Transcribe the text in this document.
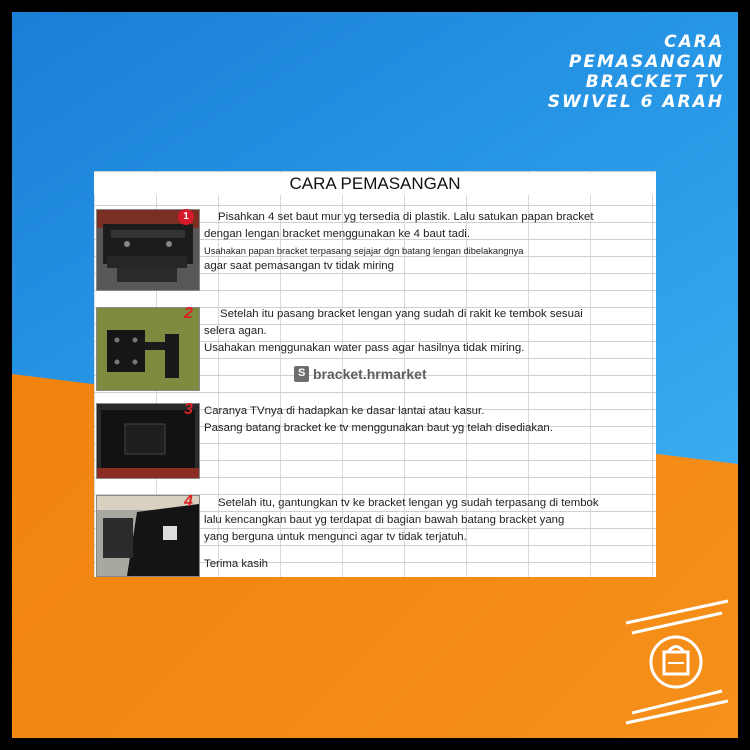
CARA
PEMASANGAN
BRACKET TV
SWIVEL 6 ARAH
CARA PEMASANGAN
1	Pisahkan 4 set baut mur yg tersedia di plastik. Lalu satukan papan bracket

dengan lengan bracket menggunakan ke 4 baut tadi.

Usahakan papan bracket terpasang sejajar dgn batang lengan dibelakangnya

agar saat pemasangan tv tidak miring

2	Setelah itu pasang bracket lengan yang sudah di rakit ke tembok sesuai

selera agan.

Usahakan menggunakan water pass agar hasilnya tidak miring.

S
bracket.hrmarket
3 Caranya TVnya di hadapkan ke dasar lantai atau kasur.

Pasang batang bracket ke tv menggunakan baut yg telah disediakan.

4	Setelah itu, gantungkan tv ke bracket lengan yg sudah terpasang di tembok

lalu kencangkan baut yg terdapat di bagian bawah batang bracket yang

yang berguna untuk mengunci agar tv tidak terjatuh.

Terima kasih
